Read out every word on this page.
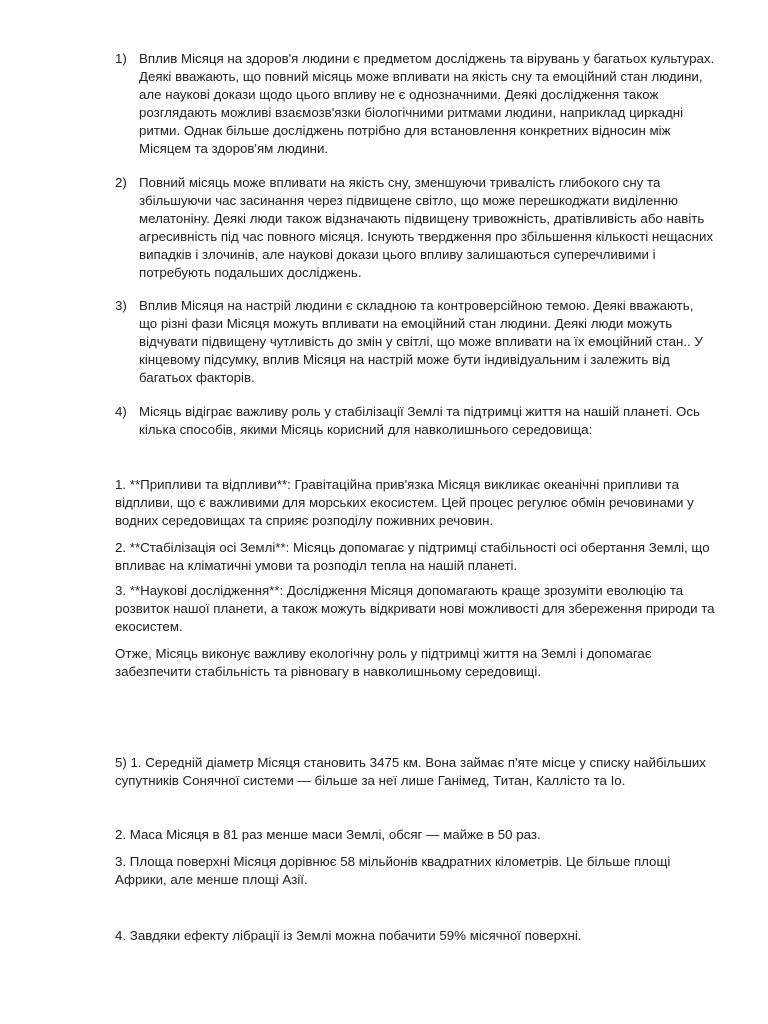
1) Вплив Місяця на здоров'я людини є предметом досліджень та вірувань у багатьох культурах. Деякі вважають, що повний місяць може впливати на якість сну та емоційний стан людини, але наукові докази щодо цього впливу не є однозначними. Деякі дослідження також розглядають можливі взаємозв'язки біологічними ритмами людини, наприклад циркадні ритми. Однак більше досліджень потрібно для встановлення конкретних відносин між Місяцем та здоров'ям людини.
2) Повний місяць може впливати на якість сну, зменшуючи тривалість глибокого сну та збільшуючи час засинання через підвищене світло, що може перешкоджати виділенню мелатоніну. Деякі люди також відзначають підвищену тривожність, дратівливість або навіть агресивність під час повного місяця. Існують твердження про збільшення кількості нещасних випадків і злочинів, але наукові докази цього впливу залишаються суперечливими і потребують подальших досліджень.
3) Вплив Місяця на настрій людини є складною та контроверсійною темою. Деякі вважають, що різні фази Місяця можуть впливати на емоційний стан людини. Деякі люди можуть відчувати підвищену чутливість до змін у світлі, що може впливати на їх емоційний стан.. У кінцевому підсумку, вплив Місяця на настрій може бути індивідуальним і залежить від багатьох факторів.
4) Місяць відіграє важливу роль у стабілізації Землі та підтримці життя на нашій планеті. Ось кілька способів, якими Місяць корисний для навколишнього середовища:

1. **Припливи та відпливи**: Гравітаційна прив'язка Місяця викликає океанічні припливи та відпливи, що є важливими для морських екосистем. Цей процес регулює обмін речовинами у водних середовищах та сприяє розподілу поживних речовин.

2. **Стабілізація осі Землі**: Місяць допомагає у підтримці стабільності осі обертання Землі, що впливає на кліматичні умови та розподіл тепла на нашій планеті.

3. **Наукові дослідження**: Дослідження Місяця допомагають краще зрозуміти еволюцію та розвиток нашої планети, а також можуть відкривати нові можливості для збереження природи та екосистем.

Отже, Місяць виконує важливу екологічну роль у підтримці життя на Землі і допомагає забезпечити стабільність та рівновагу в навколишньому середовищі.

5) 1. Середній діаметр Місяця становить 3475 км. Вона займає п'яте місце у списку найбільших супутників Сонячної системи — більше за неї лише Ганімед, Титан, Каллісто та Іо.

2. Маса Місяця в 81 раз менше маси Землі, обсяг — майже в 50 раз.

3. Площа поверхні Місяця дорівнює 58 мільйонів квадратних кілометрів. Це більше площі Африки, але менше площі Азії.

4. Завдяки ефекту лібрації із Землі можна побачити 59% місячної поверхні.
